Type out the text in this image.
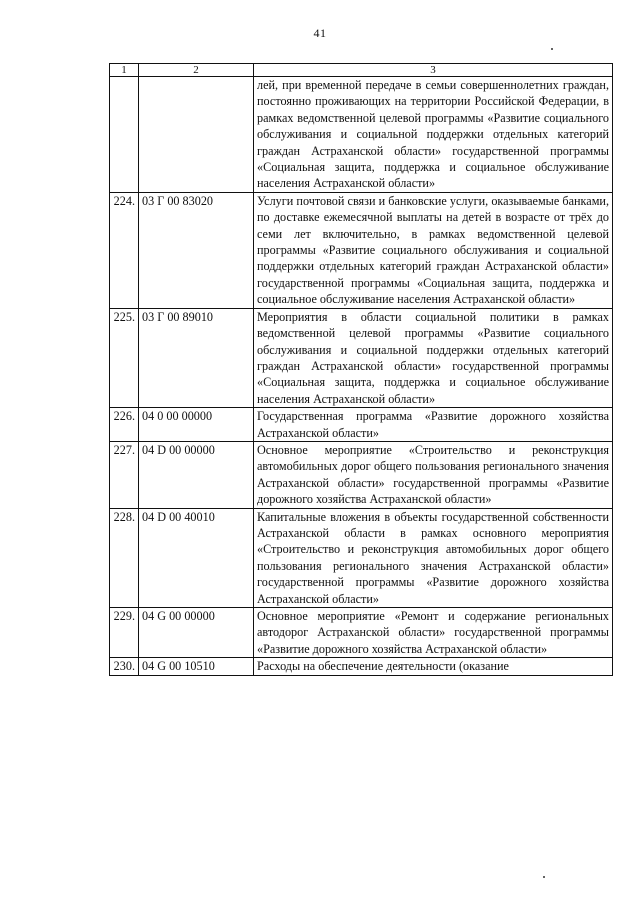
41
1	2	3
		лей, при временной передаче в семьи совершеннолетних граждан, постоянно проживающих на территории Российской Федерации, в рамках ведомственной целевой программы «Развитие социального обслуживания и социальной поддержки отдельных категорий граждан Астраханской области» государственной программы «Социальная защита, поддержка и социальное обслуживание населения Астраханской области»
224.	03 Г 00 83020	Услуги почтовой связи и банковские услуги, оказываемые банками, по доставке ежемесячной выплаты на детей в возрасте от трёх до семи лет включительно, в рамках ведомственной целевой программы «Развитие социального обслуживания и социальной поддержки отдельных категорий граждан Астраханской области» государственной программы «Социальная защита, поддержка и социальное обслуживание населения Астраханской области»
225.	03 Г 00 89010	Мероприятия в области социальной политики в рамках ведомственной целевой программы «Развитие социального обслуживания и социальной поддержки отдельных категорий граждан Астраханской области» государственной программы «Социальная защита, поддержка и социальное обслуживание населения Астраханской области»
226.	04 0 00 00000	Государственная программа «Развитие дорожного хозяйства Астраханской области»
227.	04 D 00 00000	Основное мероприятие «Строительство и реконструкция автомобильных дорог общего пользования регионального значения Астраханской области» государственной программы «Развитие дорожного хозяйства Астраханской области»
228.	04 D 00 40010	Капитальные вложения в объекты государственной собственности Астраханской области в рамках основного мероприятия «Строительство и реконструкция автомобильных дорог общего пользования регионального значения Астраханской области» государственной программы «Развитие дорожного хозяйства Астраханской области»
229.	04 G 00 00000	Основное мероприятие «Ремонт и содержание региональных автодорог Астраханской области» государственной программы «Развитие дорожного хозяйства Астраханской области»
230.	04 G 00 10510	Расходы на обеспечение деятельности (оказание
